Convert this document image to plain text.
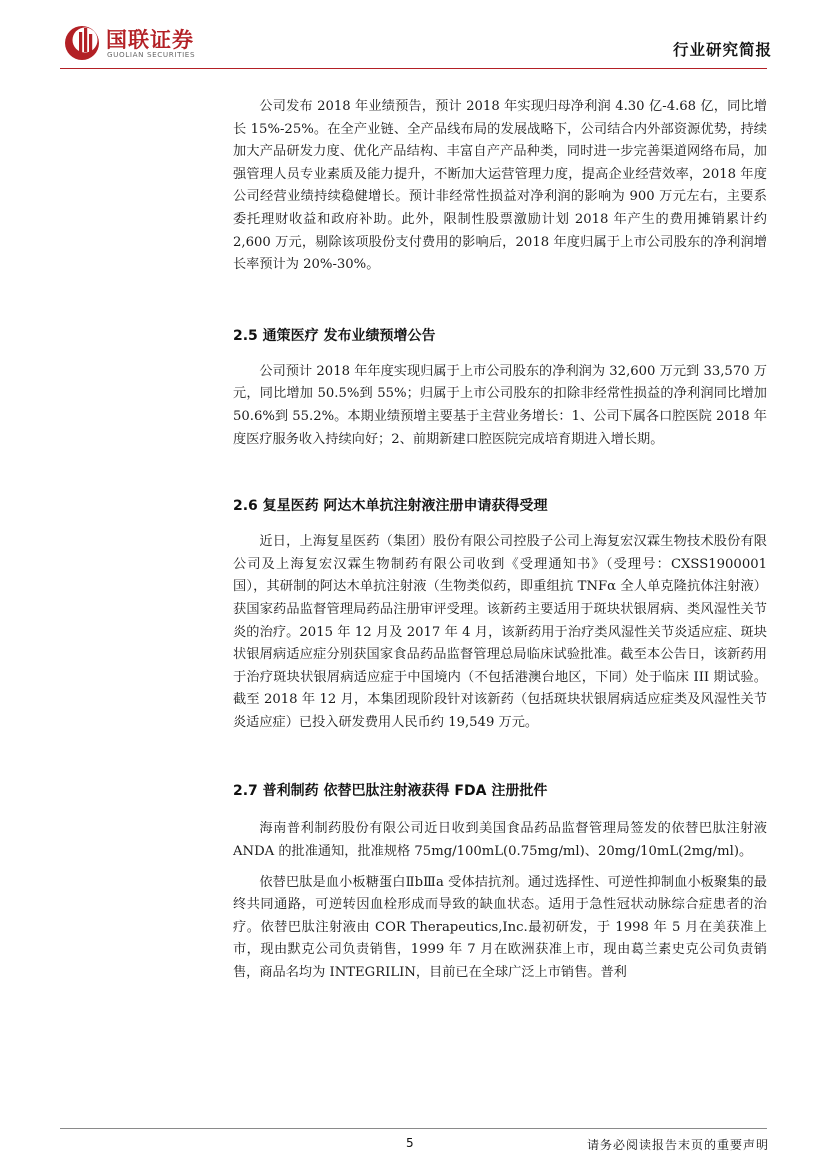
国联证券
GUOLIAN SECURITIES	行业研究简报

公司发布 2018 年业绩预告，预计 2018 年实现归母净利润 4.30 亿-4.68 亿，同比增长 15%-25%。在全产业链、全产品线布局的发展战略下，公司结合内外部资源优势，持续加大产品研发力度、优化产品结构、丰富自产产品种类，同时进一步完善渠道网络布局，加强管理人员专业素质及能力提升，不断加大运营管理力度，提高企业经营效率，2018 年度公司经营业绩持续稳健增长。预计非经常性损益对净利润的影响为 900 万元左右，主要系委托理财收益和政府补助。此外，限制性股票激励计划 2018 年产生的费用摊销累计约 2,600 万元，剔除该项股份支付费用的影响后，2018 年度归属于上市公司股东的净利润增长率预计为 20%-30%。

2.5 通策医疗 发布业绩预增公告

公司预计 2018 年年度实现归属于上市公司股东的净利润为 32,600 万元到 33,570 万元，同比增加 50.5%到 55%；归属于上市公司股东的扣除非经常性损益的净利润同比增加 50.6%到 55.2%。本期业绩预增主要基于主营业务增长：1、公司下属各口腔医院 2018 年度医疗服务收入持续向好；2、前期新建口腔医院完成培育期进入增长期。

2.6 复星医药 阿达木单抗注射液注册申请获得受理

近日，上海复星医药（集团）股份有限公司控股子公司上海复宏汉霖生物技术股份有限公司及上海复宏汉霖生物制药有限公司收到《受理通知书》（受理号：CXSS1900001 国），其研制的阿达木单抗注射液（生物类似药，即重组抗 TNFα 全人单克隆抗体注射液）获国家药品监督管理局药品注册审评受理。该新药主要适用于斑块状银屑病、类风湿性关节炎的治疗。2015 年 12 月及 2017 年 4 月，该新药用于治疗类风湿性关节炎适应症、斑块状银屑病适应症分别获国家食品药品监督管理总局临床试验批准。截至本公告日，该新药用于治疗斑块状银屑病适应症于中国境内（不包括港澳台地区，下同）处于临床 III 期试验。截至 2018 年 12 月，本集团现阶段针对该新药（包括斑块状银屑病适应症类及风湿性关节炎适应症）已投入研发费用人民币约 19,549 万元。

2.7 普利制药 依替巴肽注射液获得 FDA 注册批件

海南普利制药股份有限公司近日收到美国食品药品监督管理局签发的依替巴肽注射液 ANDA 的批准通知，批准规格 75mg/100mL(0.75mg/ml)、20mg/10mL(2mg/ml)。

依替巴肽是血小板糖蛋白ⅡbⅢa 受体拮抗剂。通过选择性、可逆性抑制血小板聚集的最终共同通路，可逆转因血栓形成而导致的缺血状态。适用于急性冠状动脉综合症患者的治疗。依替巴肽注射液由 COR Therapeutics,Inc.最初研发，于 1998 年 5 月在美获准上市，现由默克公司负责销售，1999 年 7 月在欧洲获准上市，现由葛兰素史克公司负责销售，商品名均为 INTEGRILIN，目前已在全球广泛上市销售。普利

5	请务必阅读报告末页的重要声明
